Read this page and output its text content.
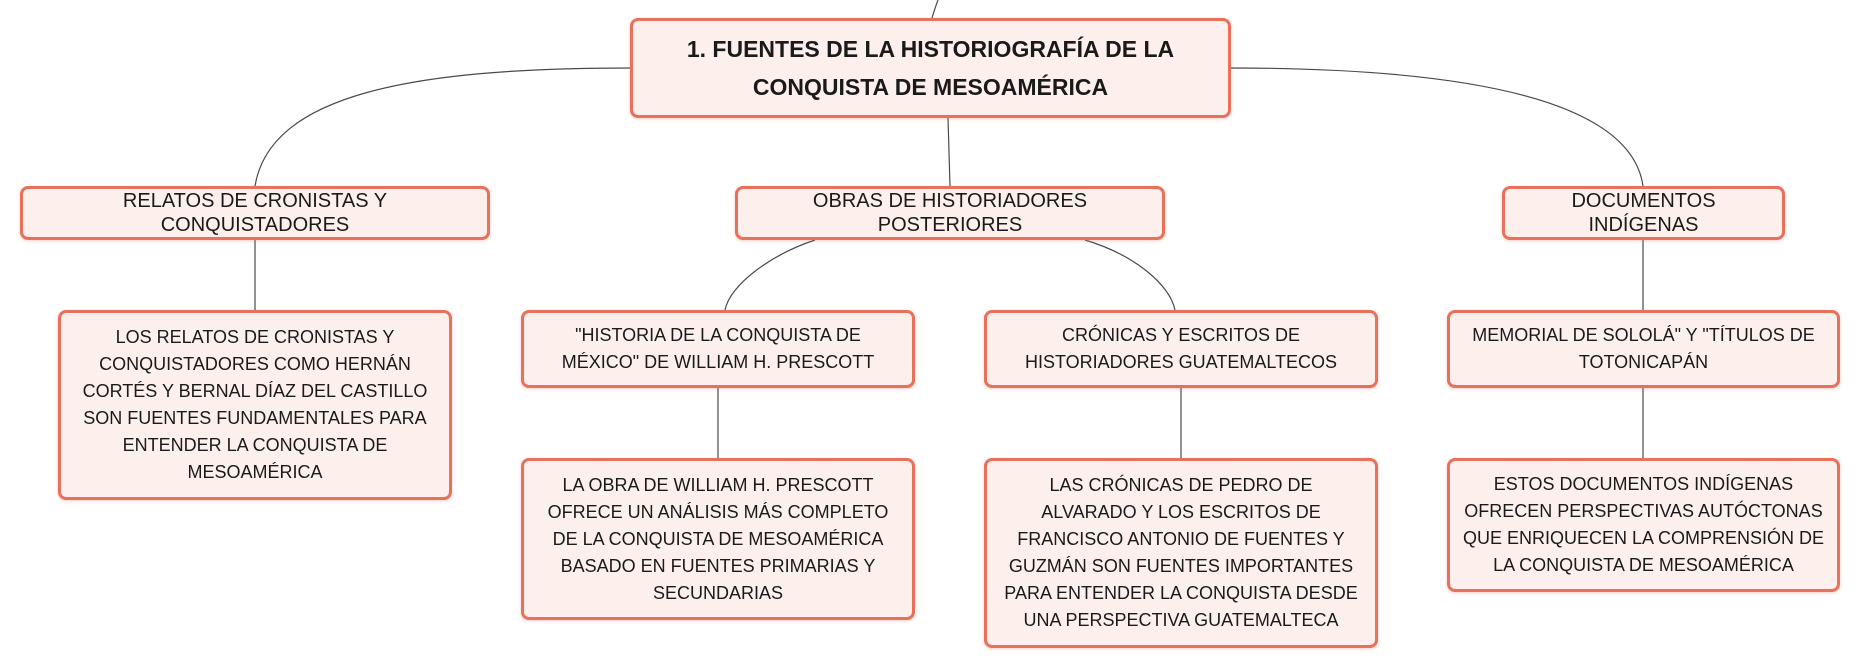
1. FUENTES DE LA HISTORIOGRAFÍA DE LA CONQUISTA DE MESOAMÉRICA
RELATOS DE CRONISTAS Y CONQUISTADORES
OBRAS DE HISTORIADORES POSTERIORES
DOCUMENTOS INDÍGENAS
LOS RELATOS DE CRONISTAS Y CONQUISTADORES COMO HERNÁN CORTÉS Y BERNAL DÍAZ DEL CASTILLO SON FUENTES FUNDAMENTALES PARA ENTENDER LA CONQUISTA DE MESOAMÉRICA
"HISTORIA DE LA CONQUISTA DE MÉXICO" DE WILLIAM H. PRESCOTT
CRÓNICAS Y ESCRITOS DE HISTORIADORES GUATEMALTECOS
MEMORIAL DE SOLOLÁ" Y "TÍTULOS DE TOTONICAPÁN
LA OBRA DE WILLIAM H. PRESCOTT OFRECE UN ANÁLISIS MÁS COMPLETO DE LA CONQUISTA DE MESOAMÉRICA BASADO EN FUENTES PRIMARIAS Y SECUNDARIAS
LAS CRÓNICAS DE PEDRO DE ALVARADO Y LOS ESCRITOS DE FRANCISCO ANTONIO DE FUENTES Y GUZMÁN SON FUENTES IMPORTANTES PARA ENTENDER LA CONQUISTA DESDE UNA PERSPECTIVA GUATEMALTECA
ESTOS DOCUMENTOS INDÍGENAS OFRECEN PERSPECTIVAS AUTÓCTONAS QUE ENRIQUECEN LA COMPRENSIÓN DE LA CONQUISTA DE MESOAMÉRICA
